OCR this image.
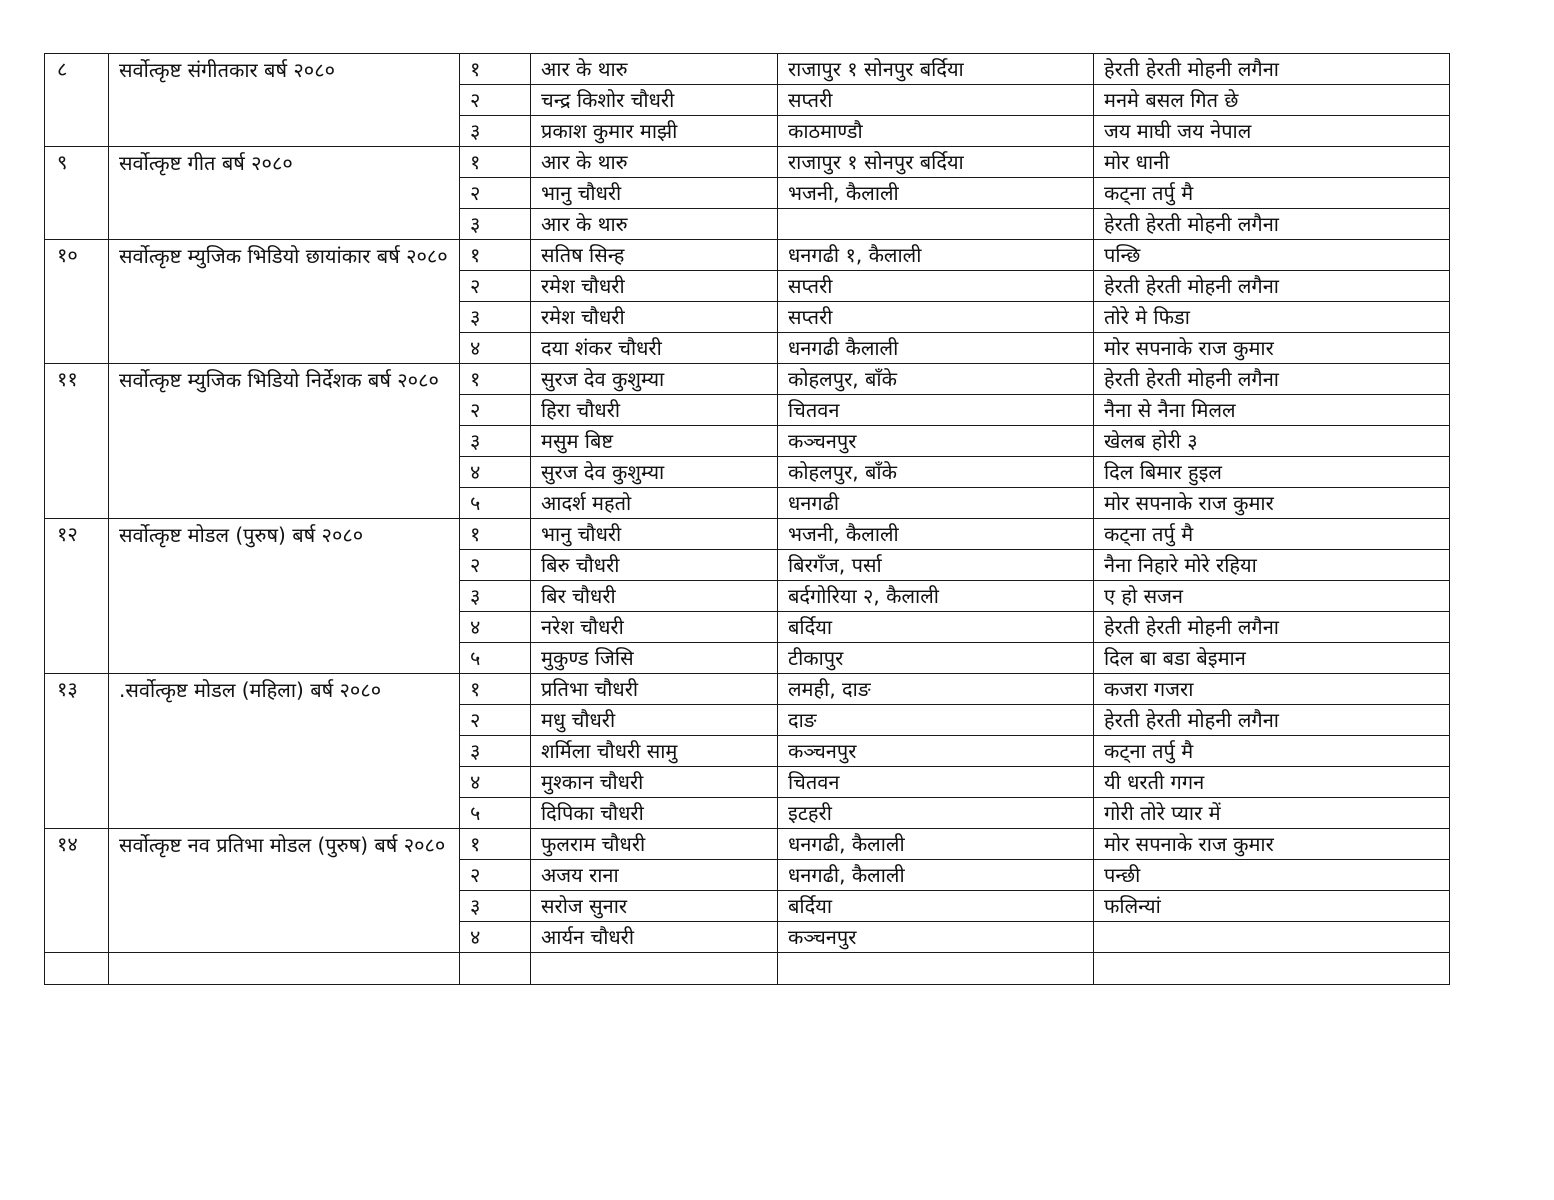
८	सर्वोत्कृष्ट संगीतकार बर्ष २०८०	१	आर के थारु	राजापुर १ सोनपुर बर्दिया	हेरती हेरती मोहनी लगैना
		२	चन्द्र किशोर चौधरी	सप्तरी	मनमे बसल गित छे
		३	प्रकाश कुमार माझी	काठमाण्डौ	जय माघी जय नेपाल
९	सर्वोत्कृष्ट गीत बर्ष २०८०	१	आर के थारु	राजापुर १ सोनपुर बर्दिया	मोर धानी
		२	भानु चौधरी	भजनी, कैलाली	कट्ना तर्पु मै
		३	आर के थारु		हेरती हेरती मोहनी लगैना
१०	सर्वोत्कृष्ट म्युजिक भिडियो छायांकार बर्ष २०८०	१	सतिष सिन्ह	धनगढी १, कैलाली	पन्छि
		२	रमेश चौधरी	सप्तरी	हेरती हेरती मोहनी लगैना
		३	रमेश चौधरी	सप्तरी	तोरे मे फिडा
		४	दया शंकर चौधरी	धनगढी कैलाली	मोर सपनाके राज कुमार
११	सर्वोत्कृष्ट म्युजिक भिडियो निर्देशक बर्ष २०८०	१	सुरज देव कुशुम्या	कोहलपुर, बाँके	हेरती हेरती मोहनी लगैना
		२	हिरा चौधरी	चितवन	नैना से नैना मिलल
		३	मसुम बिष्ट	कञ्चनपुर	खेलब होरी ३
		४	सुरज देव कुशुम्या	कोहलपुर, बाँके	दिल बिमार हुइल
		५	आदर्श महतो	धनगढी	मोर सपनाके राज कुमार
१२	सर्वोत्कृष्ट मोडल (पुरुष) बर्ष २०८०	१	भानु चौधरी	भजनी, कैलाली	कट्ना तर्पु मै
		२	बिरु चौधरी	बिरगँज, पर्सा	नैना निहारे मोरे रहिया
		३	बिर चौधरी	बर्दगोरिया २, कैलाली	ए हो सजन
		४	नरेश चौधरी	बर्दिया	हेरती हेरती मोहनी लगैना
		५	मुकुण्ड जिसि	टीकापुर	दिल बा बडा बेइमान
१३	.सर्वोत्कृष्ट मोडल (महिला) बर्ष २०८०	१	प्रतिभा चौधरी	लमही, दाङ	कजरा गजरा
		२	मधु चौधरी	दाङ	हेरती हेरती मोहनी लगैना
		३	शर्मिला चौधरी सामु	कञ्चनपुर	कट्ना तर्पु मै
		४	मुश्कान चौधरी	चितवन	यी धरती गगन
		५	दिपिका चौधरी	इटहरी	गोरी तोरे प्यार में
१४	सर्वोत्कृष्ट नव प्रतिभा मोडल (पुरुष) बर्ष २०८०	१	फुलराम चौधरी	धनगढी, कैलाली	मोर सपनाके राज कुमार
		२	अजय राना	धनगढी, कैलाली	पन्छी
		३	सरोज सुनार	बर्दिया	फलिन्यां
		४	आर्यन चौधरी	कञ्चनपुर	
